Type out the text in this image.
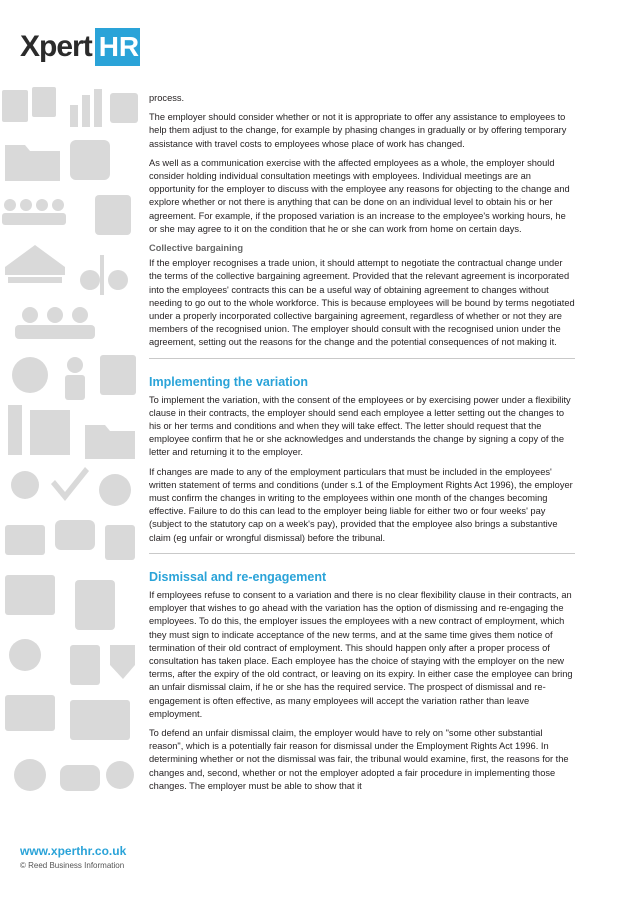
Xpert HR
www.xperthr.co.uk
© Reed Business Information

process.

The employer should consider whether or not it is appropriate to offer any assistance to employees to help them adjust to the change, for example by phasing changes in gradually or by offering temporary assistance with travel costs to employees whose place of work has changed.

As well as a communication exercise with the affected employees as a whole, the employer should consider holding individual consultation meetings with employees. Individual meetings are an opportunity for the employer to discuss with the employee any reasons for objecting to the change and explore whether or not there is anything that can be done on an individual level to obtain his or her agreement. For example, if the proposed variation is an increase to the employee's working hours, he or she may agree to it on the condition that he or she can work from home on certain days.

Collective bargaining

If the employer recognises a trade union, it should attempt to negotiate the contractual change under the terms of the collective bargaining agreement. Provided that the relevant agreement is incorporated into the employees' contracts this can be a useful way of obtaining agreement to changes without needing to go out to the whole workforce. This is because employees will be bound by terms negotiated under a properly incorporated collective bargaining agreement, regardless of whether or not they are members of the recognised union. The employer should consult with the recognised union under the agreement, setting out the reasons for the change and the potential consequences of not making it.

Implementing the variation

To implement the variation, with the consent of the employees or by exercising power under a flexibility clause in their contracts, the employer should send each employee a letter setting out the changes to his or her terms and conditions and when they will take effect. The letter should request that the employee confirm that he or she acknowledges and understands the change by signing a copy of the letter and returning it to the employer.

If changes are made to any of the employment particulars that must be included in the employees' written statement of terms and conditions (under s.1 of the Employment Rights Act 1996), the employer must confirm the changes in writing to the employees within one month of the changes becoming effective. Failure to do this can lead to the employer being liable for either two or four weeks' pay (subject to the statutory cap on a week's pay), provided that the employee also brings a substantive claim (eg unfair or wrongful dismissal) before the tribunal.

Dismissal and re-engagement

If employees refuse to consent to a variation and there is no clear flexibility clause in their contracts, an employer that wishes to go ahead with the variation has the option of dismissing and re-engaging the employees. To do this, the employer issues the employees with a new contract of employment, which they must sign to indicate acceptance of the new terms, and at the same time gives them notice of termination of their old contract of employment. This should happen only after a proper process of consultation has taken place. Each employee has the choice of staying with the employer on the new terms, after the expiry of the old contract, or leaving on its expiry. In either case the employee can bring an unfair dismissal claim, if he or she has the required service. The prospect of dismissal and re-engagement is often effective, as many employees will accept the variation rather than leave employment.

To defend an unfair dismissal claim, the employer would have to rely on "some other substantial reason", which is a potentially fair reason for dismissal under the Employment Rights Act 1996. In determining whether or not the dismissal was fair, the tribunal would examine, first, the reasons for the changes and, second, whether or not the employer adopted a fair procedure in implementing those changes. The employer must be able to show that it
